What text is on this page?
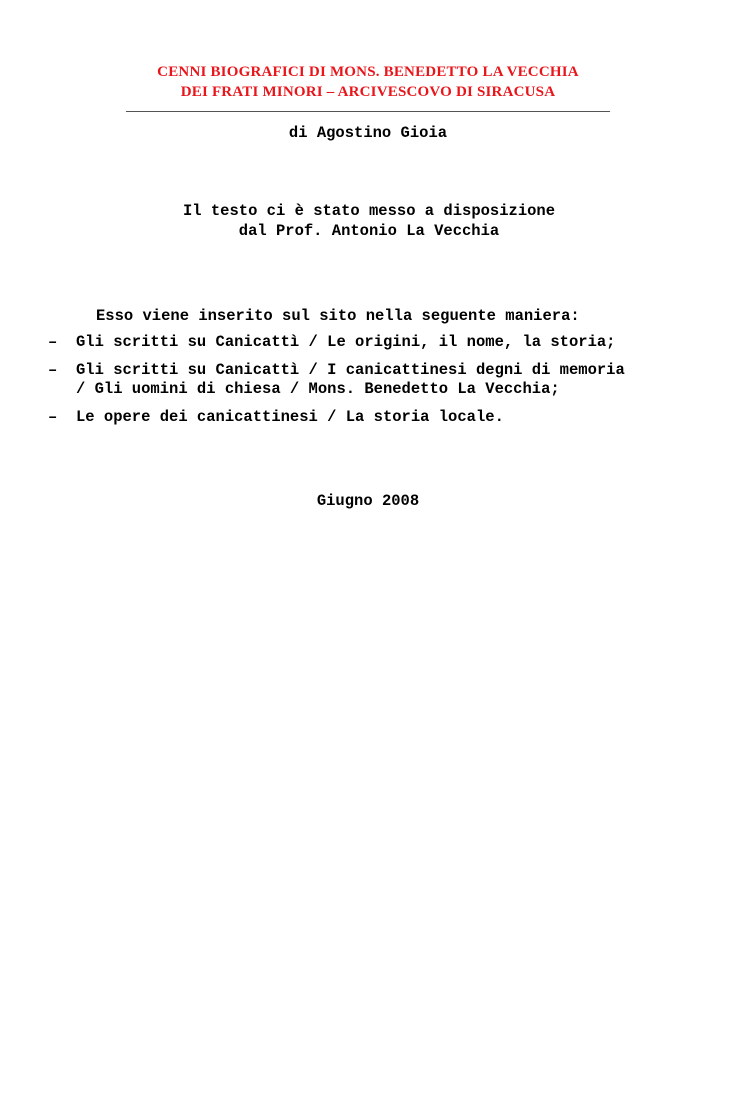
CENNI BIOGRAFICI DI MONS. BENEDETTO LA VECCHIA
DEI FRATI MINORI – ARCIVESCOVO DI SIRACUSA
di Agostino Gioia
Il testo ci è stato messo a disposizione
dal Prof. Antonio La Vecchia
Esso viene inserito sul sito nella seguente maniera:
– Gli scritti su Canicattì / Le origini, il nome, la storia;
– Gli scritti su Canicattì / I canicattinesi degni di memoria
/ Gli uomini di chiesa / Mons. Benedetto La Vecchia;
– Le opere dei canicattinesi / La storia locale.
Giugno 2008
